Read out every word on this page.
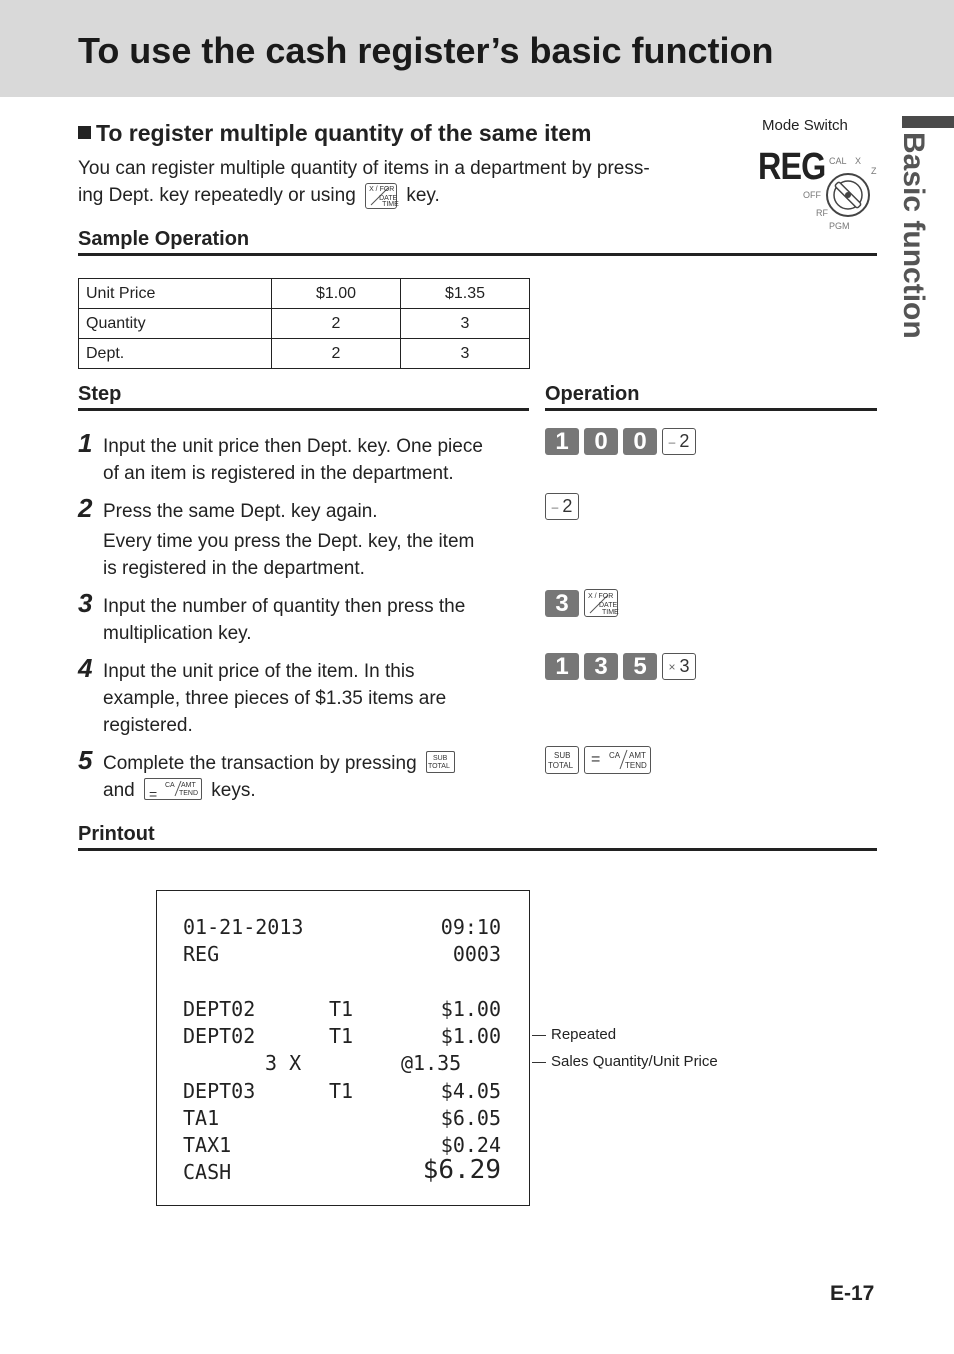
To use the cash register’s basic function
Basic function
To register multiple quantity of the same item
You can register multiple quantity of items in a department by press-
ing Dept. key repeatedly or using X / FOR
DATE
TIME key.
Mode Switch
REG CAL X
Z
OFF
RF
PGM
Sample Operation
Unit Price	$1.00	$1.35
Quantity	2	3
Dept.	2	3
Step	Operation
1 Input the unit price then Dept. key. One piece
of an item is registered in the department.
2 Press the same Dept. key again.
Every time you press the Dept. key, the item
is registered in the department.
3 Input the number of quantity then press the
multiplication key.
4 Input the unit price of the item. In this
example, three pieces of $1.35 items are
registered.
5 Complete the transaction by pressing SUB
TOTAL
and =
CA AMT
TEND keys.
1	0	0	– 2
– 2
3	X / FOR
DATE
TIME
1	3	5	× 3
SUB
TOTAL = CA AMT
TEND
Printout
01-21-2013	09:10
REG	0003
DEPT02	T1	$1.00
DEPT02	T1	$1.00
3 X	@1.35
DEPT03	T1	$4.05
TA1	$6.05
TAX1	$0.24
CASH	$6.29
Repeated
Sales Quantity/Unit Price
E-17
